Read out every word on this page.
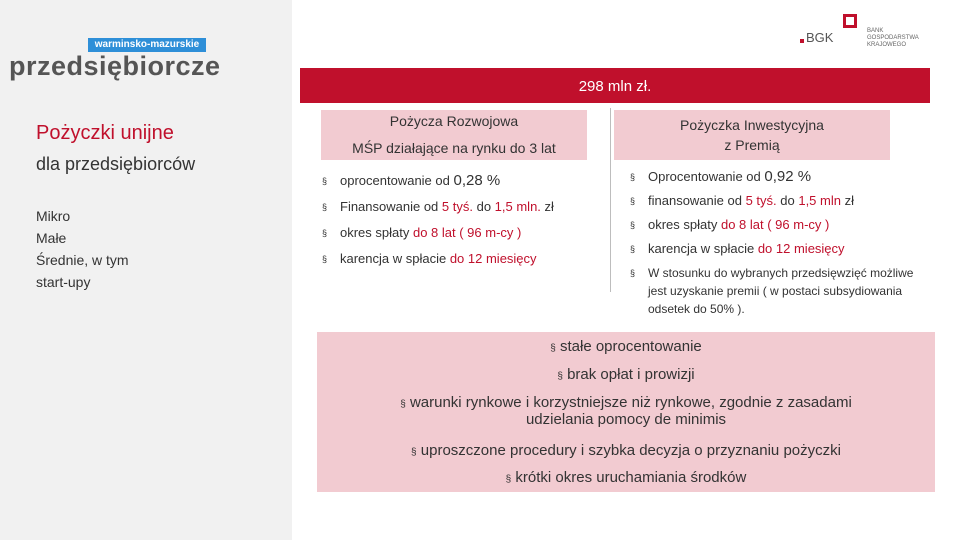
warminsko-mazurskie
przedsiębiorcze
Pożyczki unijne
dla przedsiębiorców
Mikro
Małe
Średnie, w tym
start-upy
BGK	BANK GOSPODARSTWA
KRAJOWEGO
298 mln zł.
Pożycza Rozwojowa
MŚP działające na rynku do 3 lat
Pożyczka Inwestycyjna
z Premią
§ oprocentowanie od 0,28 %
§ Finansowanie od 5 tyś. do 1,5 mln. zł
§ okres spłaty do 8 lat ( 96 m-cy )
§ karencja w spłacie do 12 miesięcy
§ Oprocentowanie od 0,92 %
§ finansowanie od 5 tyś. do 1,5 mln zł
§ okres spłaty do 8 lat ( 96 m-cy )
§ karencja w spłacie do 12 miesięcy
§ W stosunku do wybranych przedsięwzięć możliwe jest uzyskanie premii ( w postaci subsydiowania odsetek do 50% ).
§ stałe oprocentowanie
§ brak opłat i prowizji
§ warunki rynkowe i korzystniejsze niż rynkowe, zgodnie z zasadami udzielania pomocy de minimis
§ uproszczone procedury i szybka decyzja o przyznaniu pożyczki
§ krótki okres uruchamiania środków
